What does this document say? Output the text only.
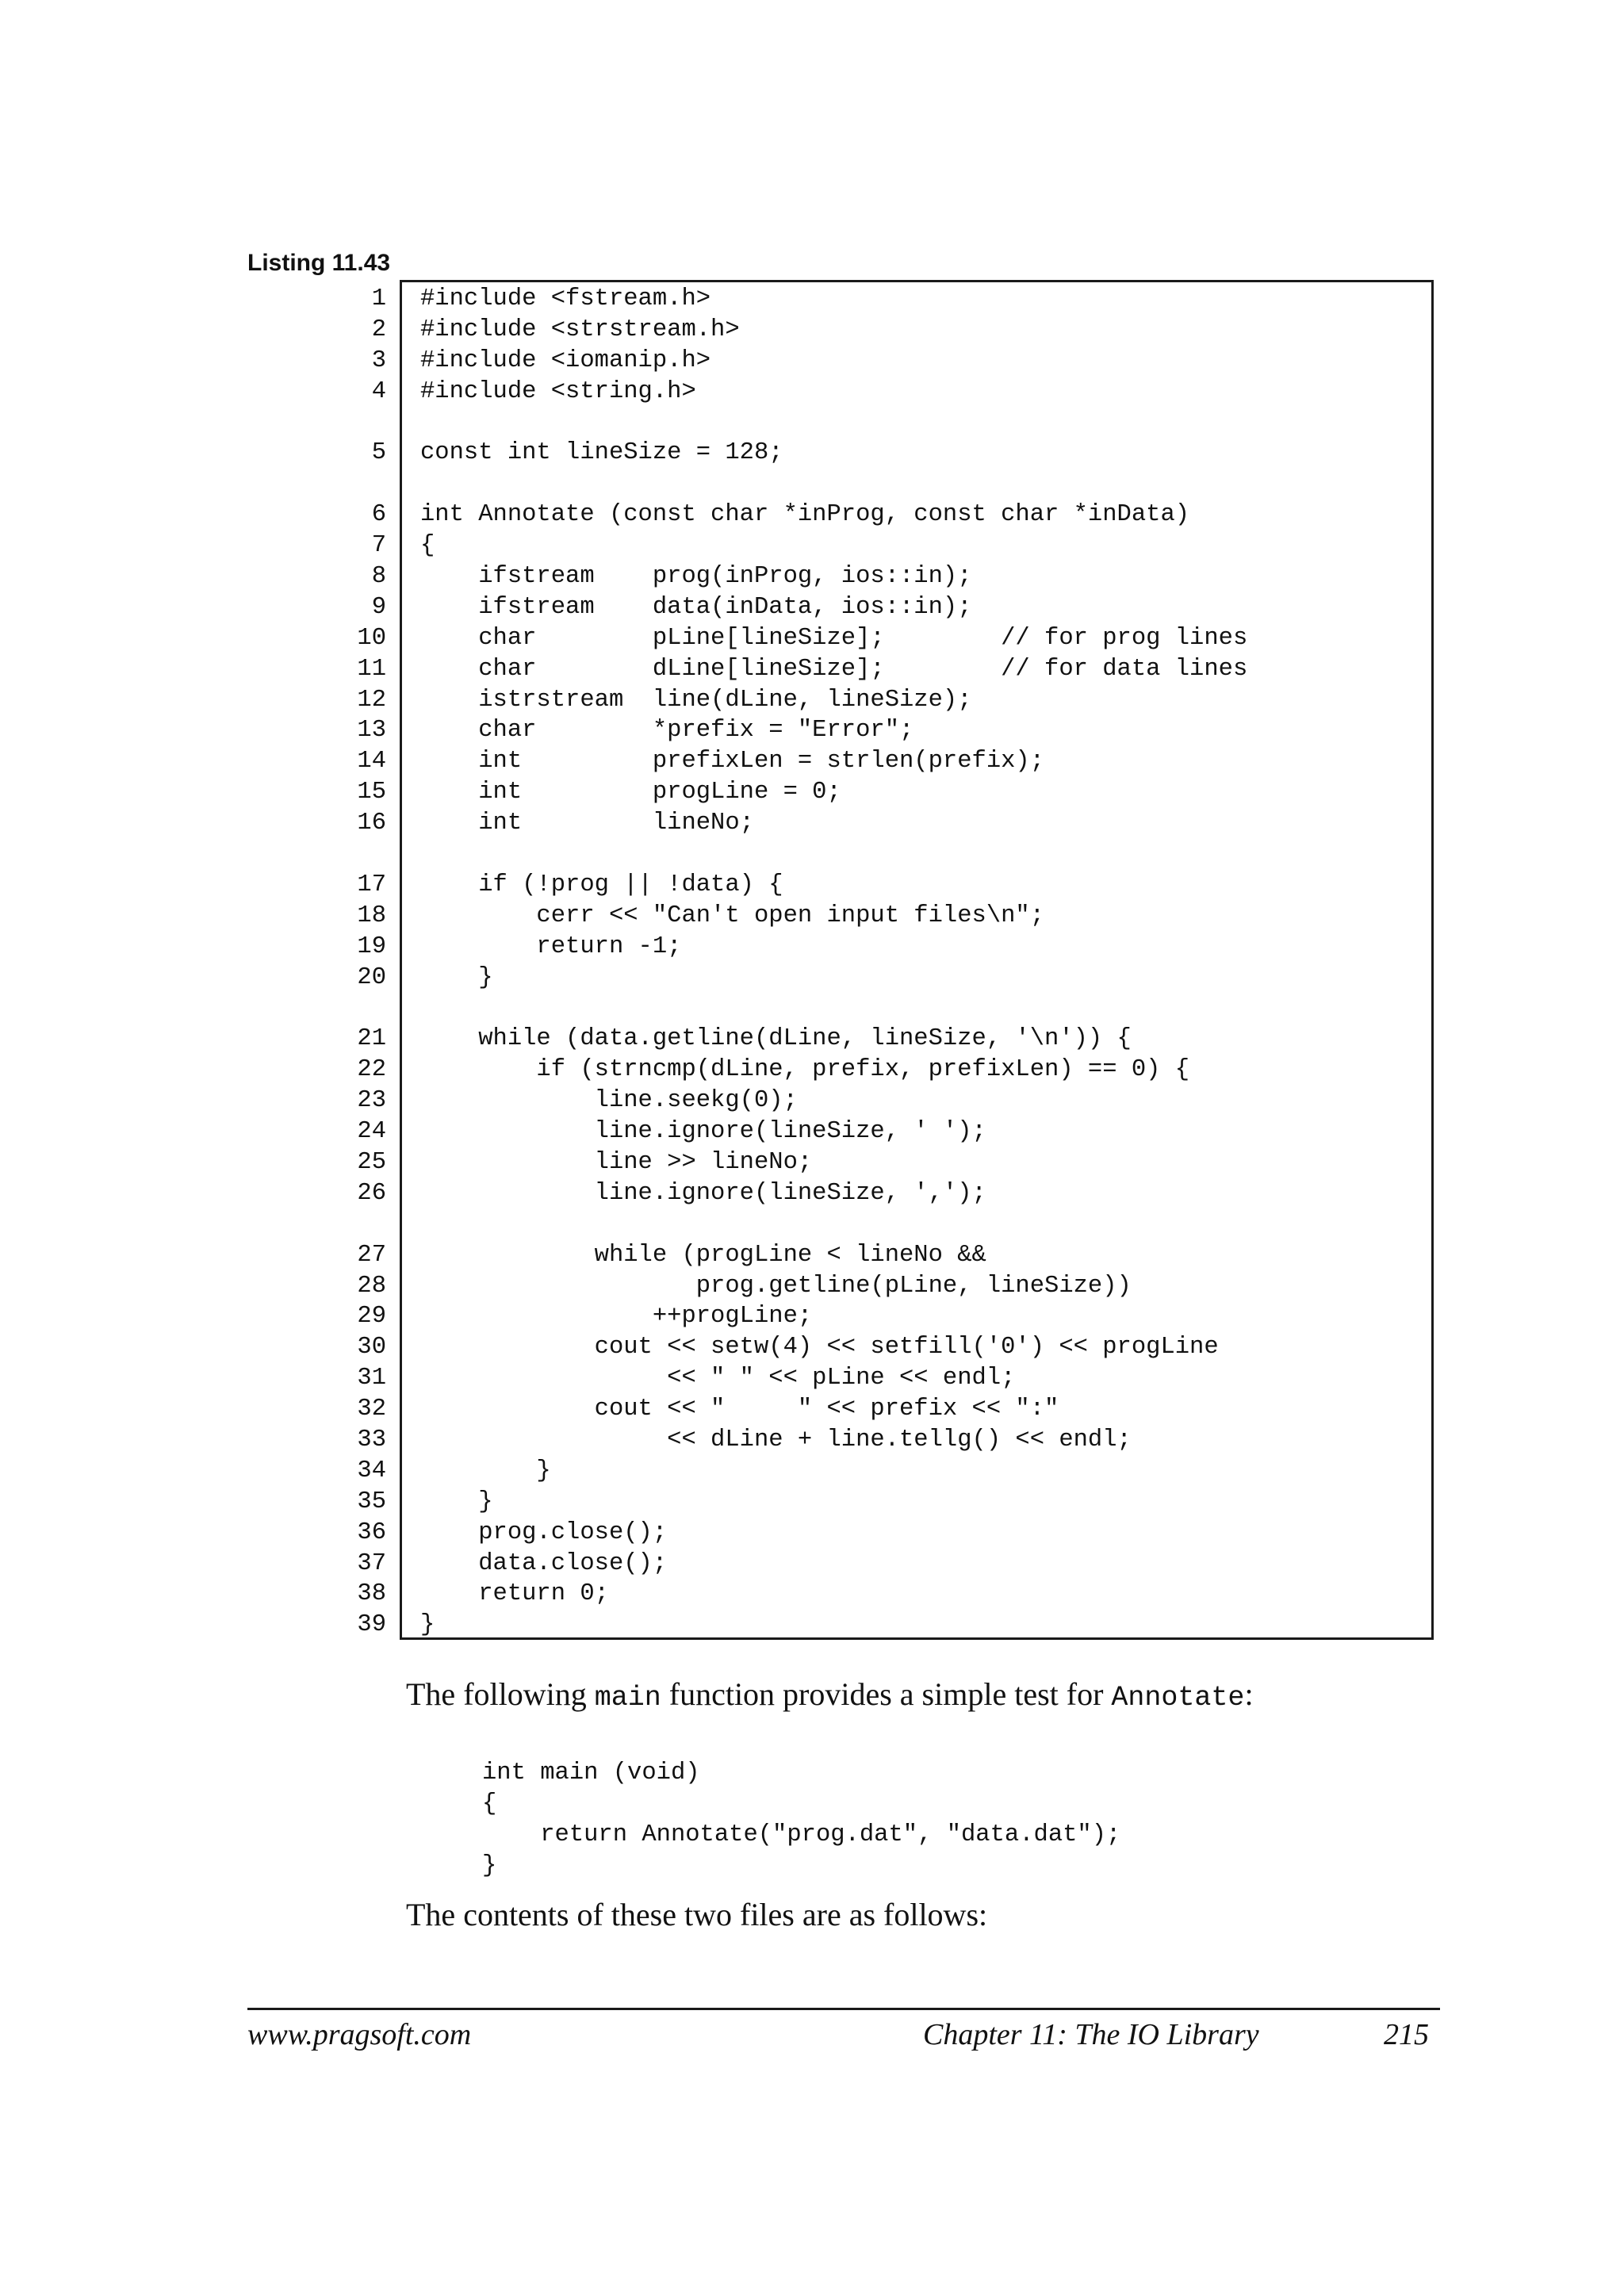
Listing 11.43
1 #include <fstream.h>
2 #include <strstream.h>
3 #include <iomanip.h>
4 #include <string.h>
5 const int lineSize = 128;
6 int Annotate (const char *inProg, const char *inData)
7 {
8 ifstream    prog(inProg, ios::in);
9 ifstream    data(inData, ios::in);
10 char        pLine[lineSize];        // for prog lines
11 char        dLine[lineSize];        // for data lines
12 istrstream  line(dLine, lineSize);
13 char        *prefix = "Error";
14 int         prefixLen = strlen(prefix);
15 int         progLine = 0;
16 int         lineNo;
17 if (!prog || !data) {
18 cerr << "Can't open input files\n";
19 return -1;
20 }
21 while (data.getline(dLine, lineSize, '\n')) {
22 if (strncmp(dLine, prefix, prefixLen) == 0) {
23 line.seekg(0);
24 line.ignore(lineSize, ' ');
25 line >> lineNo;
26 line.ignore(lineSize, ',');
27 while (progLine < lineNo &&
28 prog.getline(pLine, lineSize))
29 ++progLine;
30 cout << setw(4) << setfill('0') << progLine
31 << " " << pLine << endl;
32 cout << "     " << prefix << ":"
33 << dLine + line.tellg() << endl;
34 }
35 }
36 prog.close();
37 data.close();
38 return 0;
39 }

The following main function provides a simple test for Annotate:

int main (void)
{
return Annotate("prog.dat", "data.dat");
}

The contents of these two files are as follows:

www.pragsoft.com	Chapter 11: The IO Library	215
